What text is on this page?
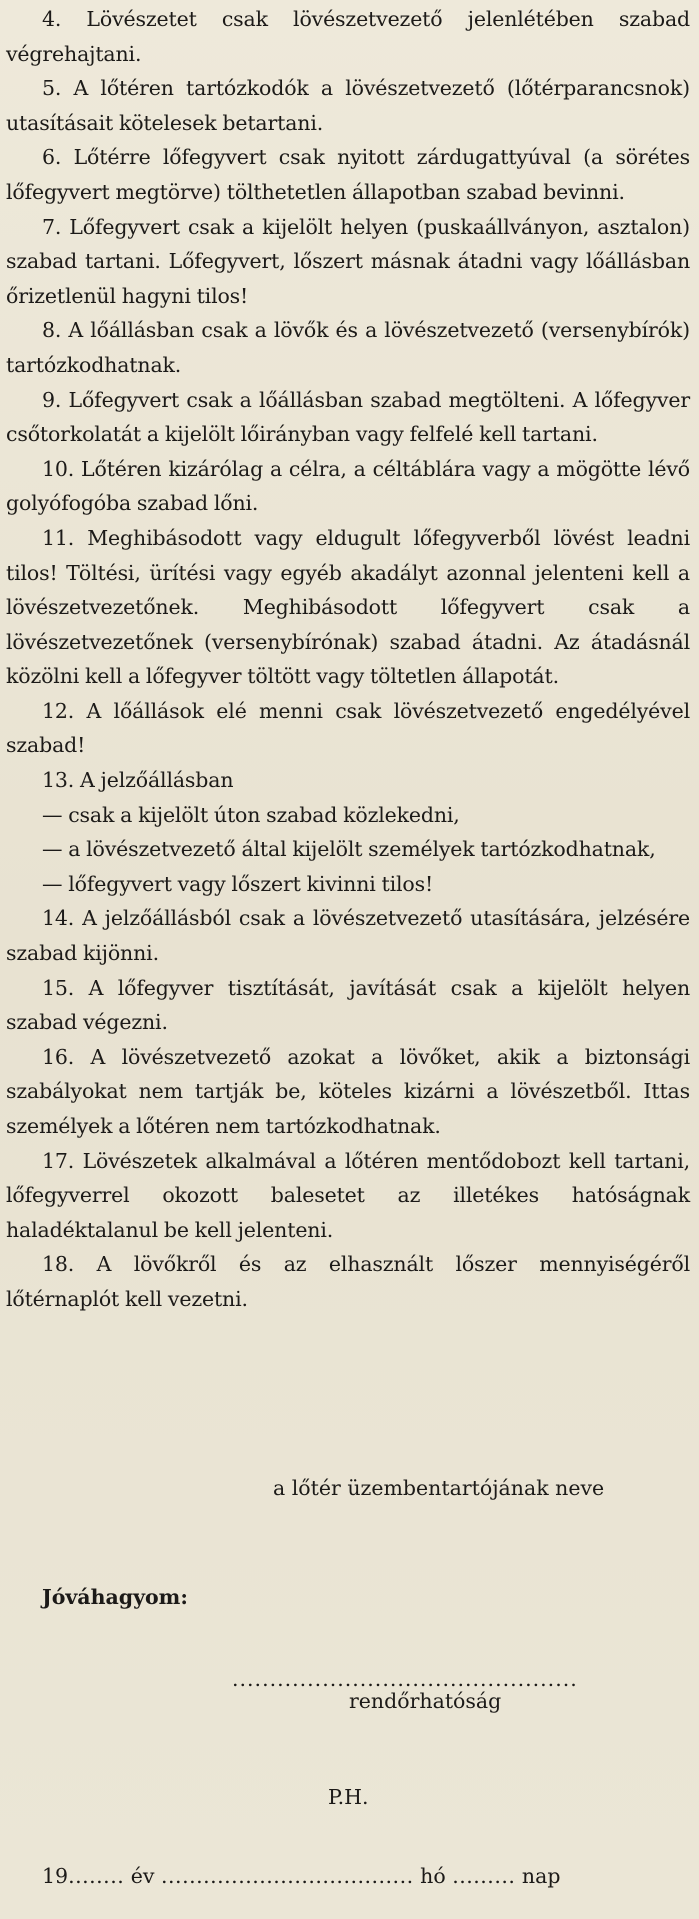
4. Lövészetet csak lövészetvezető jelenlétében szabad végrehajtani.

5. A lőtéren tartózkodók a lövészetvezető (lőtérparancsnok) utasításait kötelesek betartani.

6. Lőtérre lőfegyvert csak nyitott zárdugattyúval (a sörétes lőfegyvert megtörve) tölthetetlen állapotban szabad bevinni.

7. Lőfegyvert csak a kijelölt helyen (puskaállványon, asztalon) szabad tartani. Lőfegyvert, lőszert másnak átadni vagy lőállásban őrizetlenül hagyni tilos!

8. A lőállásban csak a lövők és a lövészetvezető (versenybírók) tartózkodhatnak.

9. Lőfegyvert csak a lőállásban szabad megtölteni. A lőfegyver csőtorkolatát a kijelölt lőirányban vagy felfelé kell tartani.

10. Lőtéren kizárólag a célra, a céltáblára vagy a mögötte lévő golyófogóba szabad lőni.

11. Meghibásodott vagy eldugult lőfegyverből lövést leadni tilos! Töltési, ürítési vagy egyéb akadályt azonnal jelenteni kell a lövészetvezetőnek. Meghibásodott lőfegyvert csak a lövészetvezetőnek (versenybírónak) szabad átadni. Az átadásnál közölni kell a lőfegyver töltött vagy töltetlen állapotát.

12. A lőállások elé menni csak lövészetvezető engedélyével szabad!

13. A jelzőállásban

— csak a kijelölt úton szabad közlekedni,

— a lövészetvezető által kijelölt személyek tartózkodhatnak,

— lőfegyvert vagy lőszert kivinni tilos!

14. A jelzőállásból csak a lövészetvezető utasítására, jelzésére szabad kijönni.

15. A lőfegyver tisztítását, javítását csak a kijelölt helyen szabad végezni.

16. A lövészetvezető azokat a lövőket, akik a biztonsági szabályokat nem tartják be, köteles kizárni a lövészetből. Ittas személyek a lőtéren nem tartózkodhatnak.

17. Lövészetek alkalmával a lőtéren mentődobozt kell tartani, lőfegyverrel okozott balesetet az illetékes hatóságnak haladéktalanul be kell jelenteni.

18. A lövőkről és az elhasznált lőszer mennyiségéről lőtérnaplót kell vezetni.

a lőtér üzembentartójának neve
Jóváhagyom:
..............................................
rendőrhatóság
P.H.
19........ év .................................... hó ......... nap
